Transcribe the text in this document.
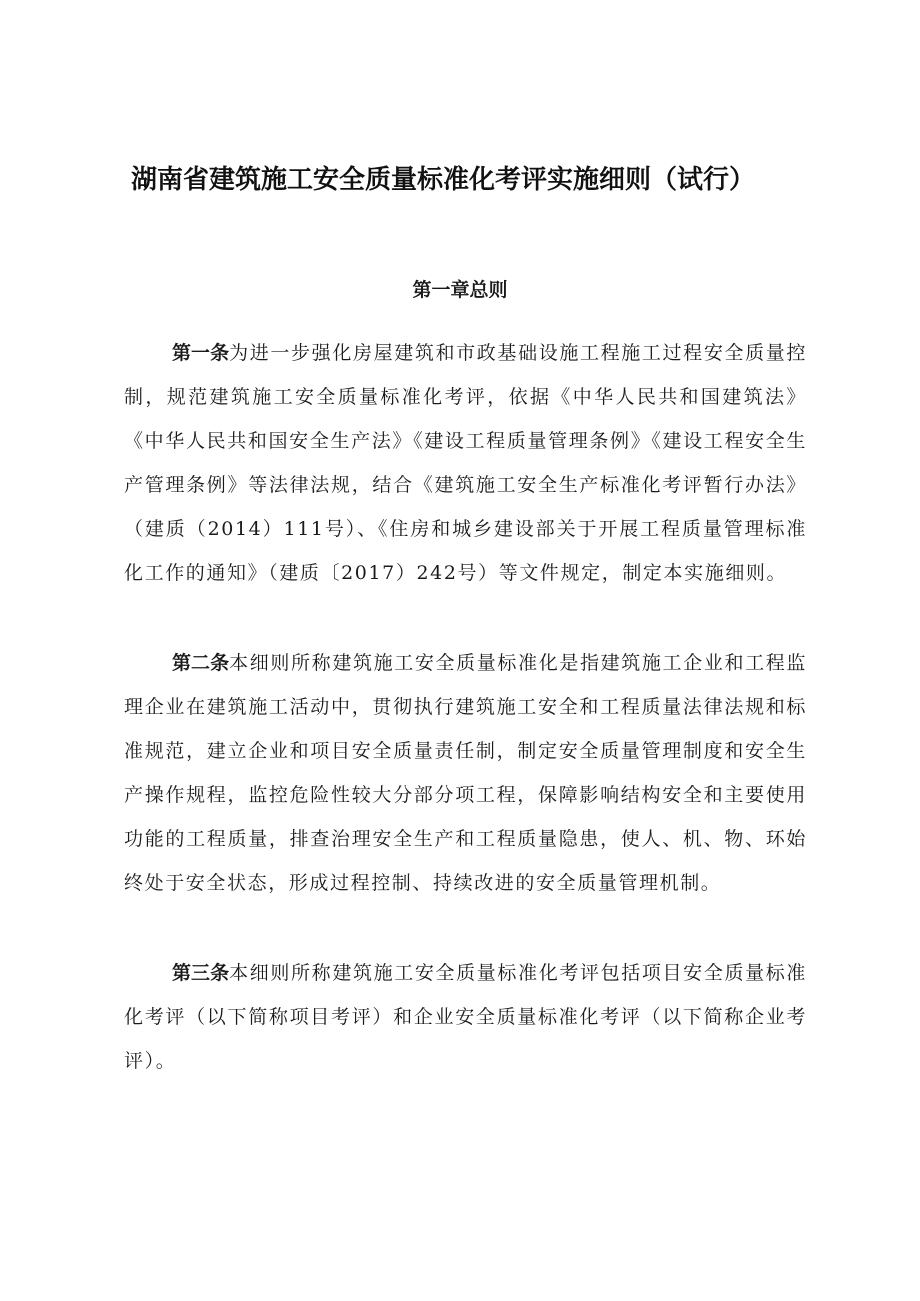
湖南省建筑施工安全质量标准化考评实施细则（试行）
第一章总则

第一条为进一步强化房屋建筑和市政基础设施工程施工过程安全质量控制，规范建筑施工安全质量标准化考评，依据《中华人民共和国建筑法》《中华人民共和国安全生产法》《建设工程质量管理条例》《建设工程安全生产管理条例》等法律法规，结合《建筑施工安全生产标准化考评暂行办法》（建质（2014）111号）、《住房和城乡建设部关于开展工程质量管理标准化工作的通知》（建质〔2017）242号）等文件规定，制定本实施细则。

第二条本细则所称建筑施工安全质量标准化是指建筑施工企业和工程监理企业在建筑施工活动中，贯彻执行建筑施工安全和工程质量法律法规和标准规范，建立企业和项目安全质量责任制，制定安全质量管理制度和安全生产操作规程，监控危险性较大分部分项工程，保障影响结构安全和主要使用功能的工程质量，排查治理安全生产和工程质量隐患，使人、机、物、环始终处于安全状态，形成过程控制、持续改进的安全质量管理机制。

第三条本细则所称建筑施工安全质量标准化考评包括项目安全质量标准化考评（以下简称项目考评）和企业安全质量标准化考评（以下简称企业考评）。
